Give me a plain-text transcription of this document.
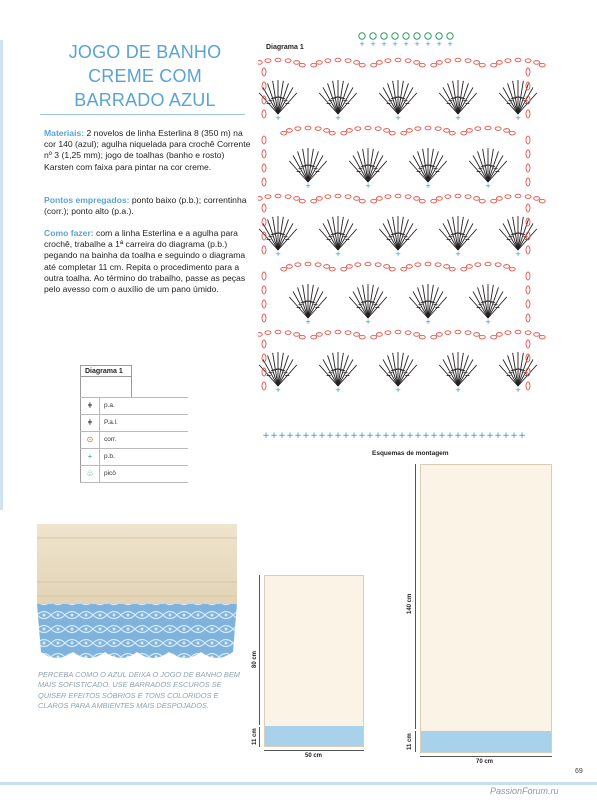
JOGO DE BANHO
CREME COM
BARRADO AZUL
Materiais: 2 novelos de linha Esterlina 8 (350 m) na cor 140 (azul); agulha niquelada para crochê Corrente nº 3 (1,25 mm); jogo de toalhas (banho e rosto) Karsten com faixa para pintar na cor creme.
Pontos empregados: ponto baixo (p.b.); correntinha (corr.); ponto alto (p.a.).
Como fazer: com a linha Esterlina e a agulha para crochê, trabalhe a 1ª carreira do diagrama (p.b.) pegando na bainha da toalha e seguindo o diagrama até completar 11 cm. Repita o procedimento para a outra toalha. Ao término do trabalho, passe as peças pelo avesso com o auxílio de um pano úmido.
Diagrama 1
ǂ	p.a.
ǂ	P.a.l.
⊙	corr.
+	p.b.
♧	picô
Diagrama 1
+ + + + + + + + + + + + + + + + + + + + + + + + + + + + + + + + +
+ + + + + + + + +
+	+	+	+	+
+	+	+	+
+	+	+	+	+
+	+	+	+
+	+	+	+	+
Esquemas de montagem
80 cm
11 cm
50 cm
140 cm
11 cm
70 cm
PERCEBA COMO O AZUL DEIXA O JOGO DE BANHO BEM MAIS SOFISTICADO. USE BARRADOS ESCUROS SE QUISER EFEITOS SÓBRIOS E TONS COLORIDOS E CLAROS PARA AMBIENTES MAIS DESPOJADOS.
69
PassionForum.ru
